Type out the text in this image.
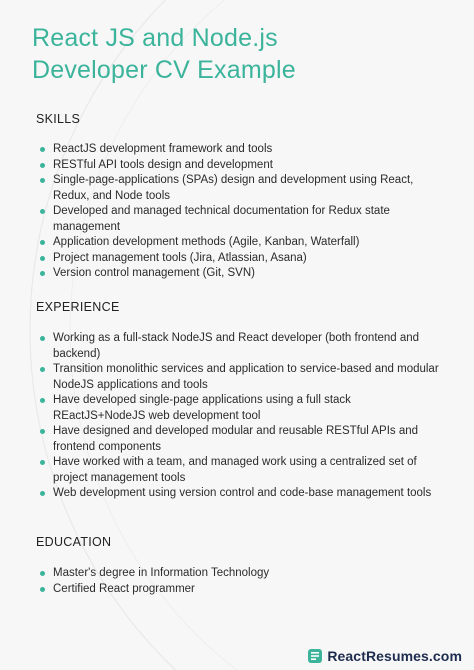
React JS and Node.js
Developer CV Example
SKILLS
ReactJS development framework and tools
RESTful API tools design and development
Single-page-applications (SPAs) design and development using React, Redux, and Node tools
Developed and managed technical documentation for Redux state management
Application development methods (Agile, Kanban, Waterfall)
Project management tools (Jira, Atlassian, Asana)
Version control management (Git, SVN)
EXPERIENCE
Working as a full-stack NodeJS and React developer (both frontend and backend)
Transition monolithic services and application to service-based and modular NodeJS applications and tools
Have developed single-page applications using a full stack REactJS+NodeJS web development tool
Have designed and developed modular and reusable RESTful APIs and frontend components
Have worked with a team, and managed work using a centralized set of project management tools
Web development using version control and code-base management tools
EDUCATION
Master's degree in Information Technology
Certified React programmer
ReactResumes.com
